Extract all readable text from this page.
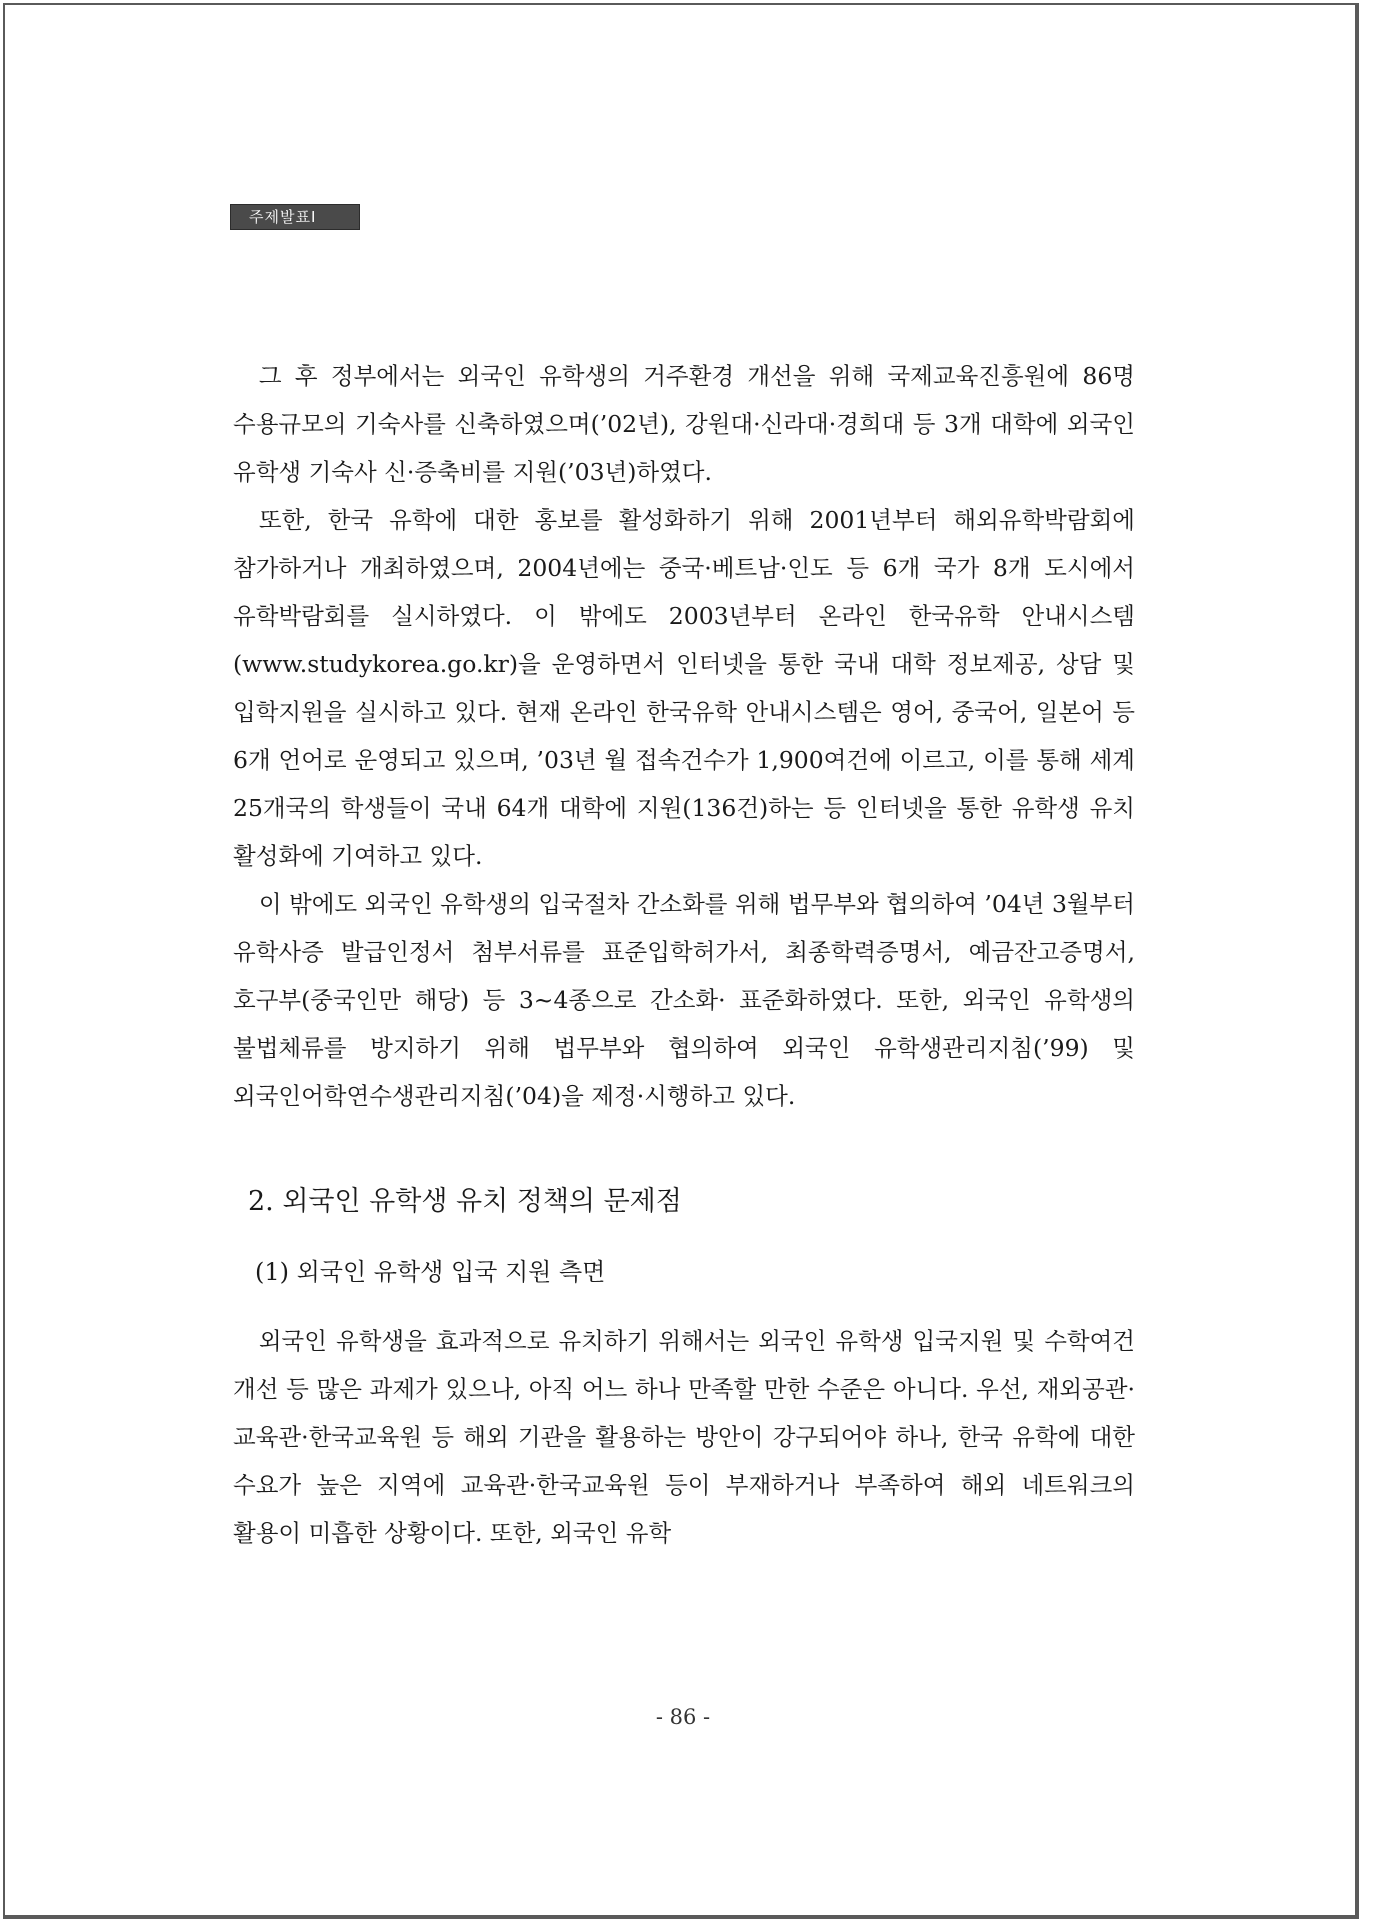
주제발표Ⅰ

그 후 정부에서는 외국인 유학생의 거주환경 개선을 위해 국제교육진흥원에 86명 수용규모의 기숙사를 신축하였으며(’02년), 강원대·신라대·경희대 등 3개 대학에 외국인 유학생 기숙사 신·증축비를 지원(’03년)하였다.

또한, 한국 유학에 대한 홍보를 활성화하기 위해 2001년부터 해외유학박람회에 참가하거나 개최하였으며, 2004년에는 중국·베트남·인도 등 6개 국가 8개 도시에서 유학박람회를 실시하였다. 이 밖에도 2003년부터 온라인 한국유학 안내시스템(www.studykorea.go.kr)을 운영하면서 인터넷을 통한 국내 대학 정보제공, 상담 및 입학지원을 실시하고 있다. 현재 온라인 한국유학 안내시스템은 영어, 중국어, 일본어 등 6개 언어로 운영되고 있으며, ’03년 월 접속건수가 1,900여건에 이르고, 이를 통해 세계 25개국의 학생들이 국내 64개 대학에 지원(136건)하는 등 인터넷을 통한 유학생 유치 활성화에 기여하고 있다.

이 밖에도 외국인 유학생의 입국절차 간소화를 위해 법무부와 협의하여 ’04년 3월부터 유학사증 발급인정서 첨부서류를 표준입학허가서, 최종학력증명서, 예금잔고증명서, 호구부(중국인만 해당) 등 3~4종으로 간소화· 표준화하였다. 또한, 외국인 유학생의 불법체류를 방지하기 위해 법무부와 협의하여 외국인 유학생관리지침(’99) 및 외국인어학연수생관리지침(’04)을 제정·시행하고 있다.

2. 외국인 유학생 유치 정책의 문제점
(1) 외국인 유학생 입국 지원 측면

외국인 유학생을 효과적으로 유치하기 위해서는 외국인 유학생 입국지원 및 수학여건 개선 등 많은 과제가 있으나, 아직 어느 하나 만족할 만한 수준은 아니다. 우선, 재외공관·교육관·한국교육원 등 해외 기관을 활용하는 방안이 강구되어야 하나, 한국 유학에 대한 수요가 높은 지역에 교육관·한국교육원 등이 부재하거나 부족하여 해외 네트워크의 활용이 미흡한 상황이다. 또한, 외국인 유학

- 86 -
